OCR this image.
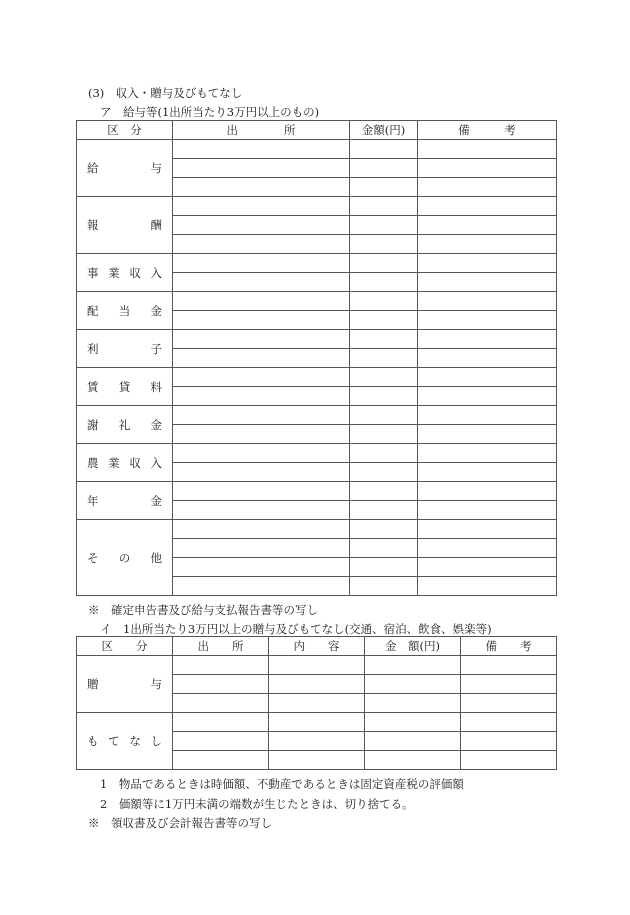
(3)　収入・贈与及びもてなし
ア　給与等(1出所当たり3万円以上のもの)
区　分	出　　　　所	金額(円)	備　　　考
給　　与			

報　　酬			

事業収入			

配当金			

利　　子			

賃貸料			

謝礼金			

農業収入			

年　　金			

その他			

※　確定申告書及び給与支払報告書等の写し
イ　1出所当たり3万円以上の贈与及びもてなし(交通、宿泊、飲食、娯楽等)
区　　分	出　　所	内　　容	金　額(円)	備　　考
贈　　与				

もてなし				

1　物品であるときは時価額、不動産であるときは固定資産税の評価額
2　価額等に1万円未満の端数が生じたときは、切り捨てる。
※　領収書及び会計報告書等の写し
